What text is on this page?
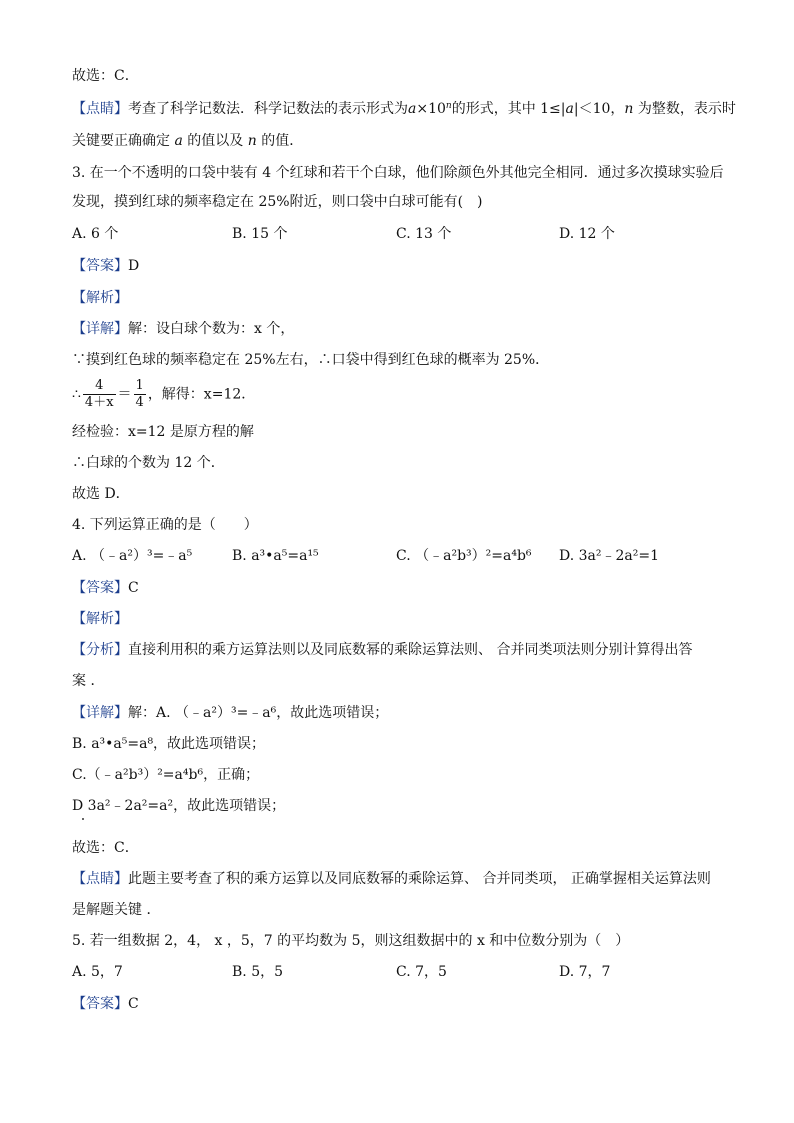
故选：C．
【点睛】考查了科学记数法．科学记数法的表示形式为$a\times 10^n$的形式，其中 1≤|a|＜10，n 为整数，表示时
关键要正确确定 a 的值以及 n 的值．
3. 在一个不透明的口袋中装有 4 个红球和若干个白球，他们除颜色外其他完全相同．通过多次摸球实验后
发现，摸到红球的频率稳定在 25%附近，则口袋中白球可能有(　)
A. 6 个	B. 15 个	C. 13 个	D. 12 个
【答案】D
【解析】
【详解】解：设白球个数为：x 个，
∵摸到红色球的频率稳定在 25%左右，∴口袋中得到红色球的概率为 25%．
∴ $\frac{4}{4+x} = \frac{1}{4}$ ，解得：x=12．
经检验：x=12 是原方程的解
∴白球的个数为 12 个．
故选 D．
4. 下列运算正确的是（　　）
A. （﹣a²）³=﹣a⁵	B. a³•a⁵=a¹⁵	C. （﹣a²b³）²=a⁴b⁶ D. 3a²﹣2a²=1
【答案】C
【解析】
【分析】直接利用积的乘方运算法则以及同底数幂的乘除运算法则、 合并同类项法则分别计算得出答
案 ．
【详解】解：A. （﹣a²）³=﹣a⁶，故此选项错误；
B. a³•a⁵=a⁸，故此选项错误；
C.（﹣a²b³）²=a⁴b⁶，正确；
D 3a²﹣2a²=a²，故此选项错误；
故选：C．
【点睛】此题主要考查了积的乘方运算以及同底数幂的乘除运算、 合并同类项， 正确掌握相关运算法则
是解题关键 ．
5. 若一组数据 2，4， x ，5，7 的平均数为 5，则这组数据中的 x 和中位数分别为（　）
A. 5，7	B. 5，5	C. 7，5	D. 7，7
【答案】C
